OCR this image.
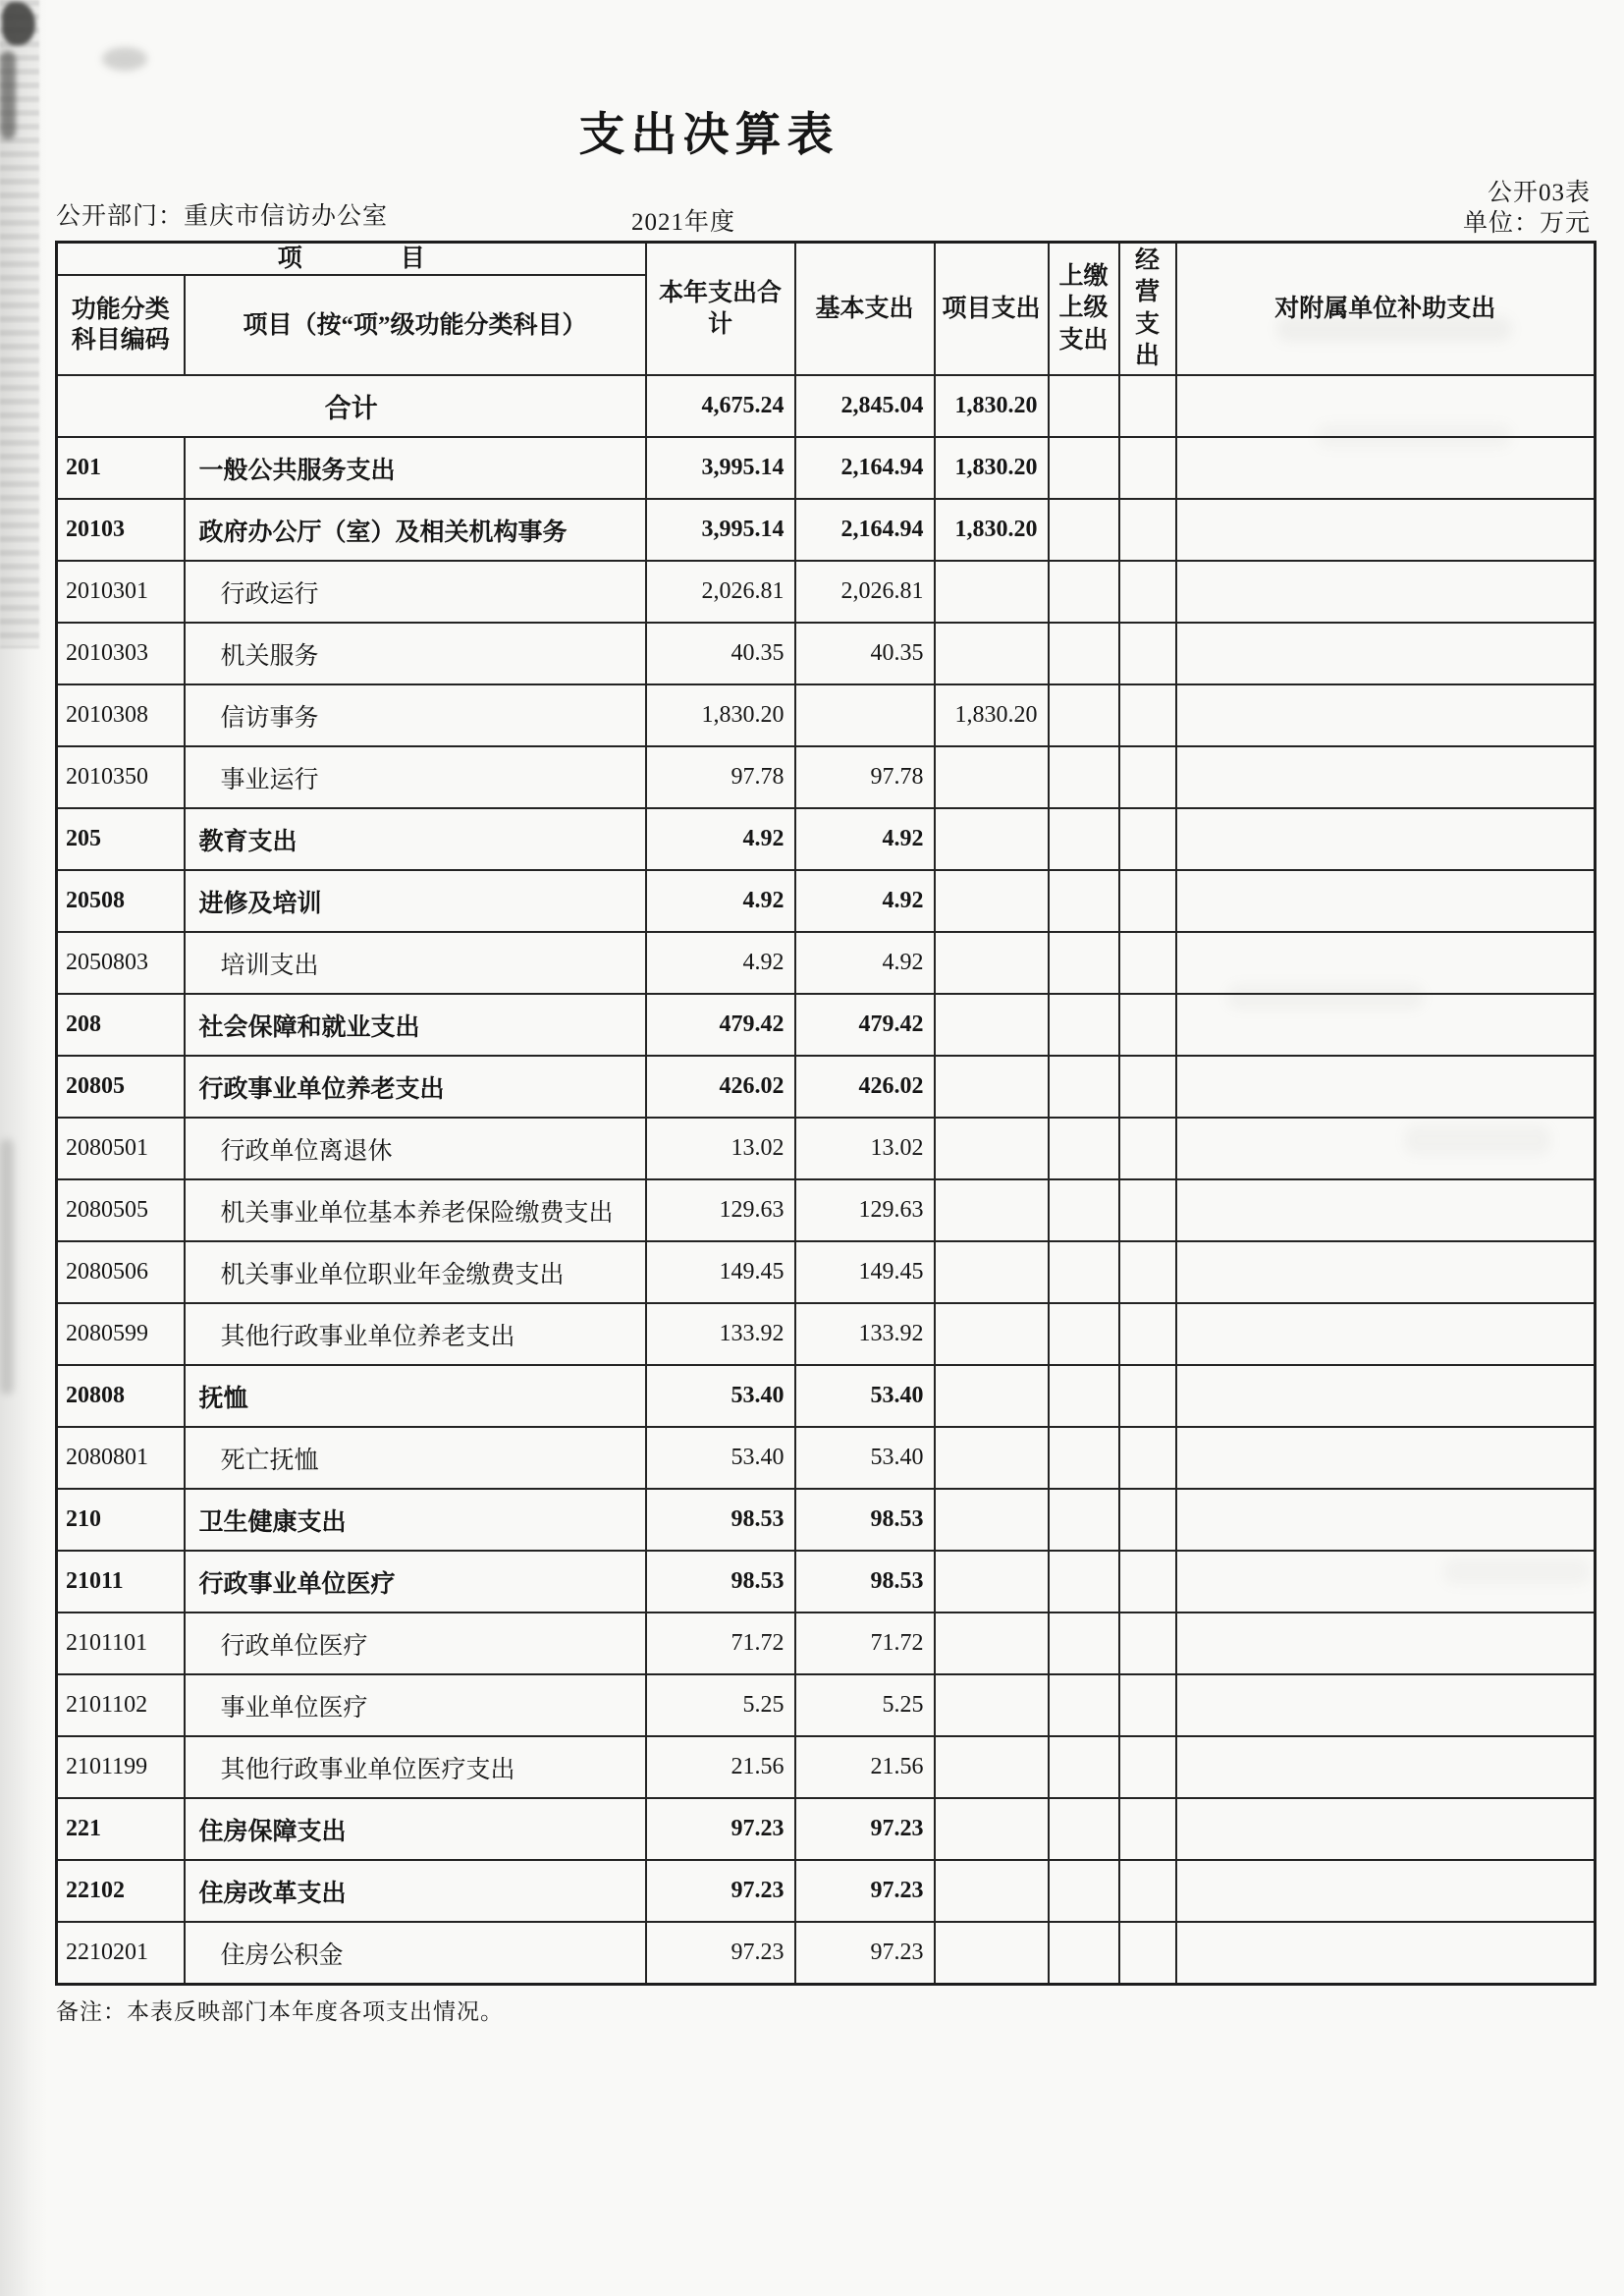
支出决算表
公开部门：重庆市信访办公室	2021年度
公开03表
单位：万元
项　　　　目		本年支出合计	基本支出	项目支出	上缴上级支出	经营支出	对附属单位补助支出

功能分类科目编码	项目（按“项”级功能分类科目）						
合计		4,675.24	2,845.04	1,830.20			
201	一般公共服务支出	3,995.14	2,164.94	1,830.20			
20103	政府办公厅（室）及相关机构事务	3,995.14	2,164.94	1,830.20			
2010301	行政运行	2,026.81	2,026.81				
2010303	机关服务	40.35	40.35				
2010308	信访事务	1,830.20		1,830.20			
2010350	事业运行	97.78	97.78				
205	教育支出	4.92	4.92				
20508	进修及培训	4.92	4.92				
2050803	培训支出	4.92	4.92				
208	社会保障和就业支出	479.42	479.42				
20805	行政事业单位养老支出	426.02	426.02				
2080501	行政单位离退休	13.02	13.02				
2080505	机关事业单位基本养老保险缴费支出	129.63	129.63				
2080506	机关事业单位职业年金缴费支出	149.45	149.45				
2080599	其他行政事业单位养老支出	133.92	133.92				
20808	抚恤	53.40	53.40				
2080801	死亡抚恤	53.40	53.40				
210	卫生健康支出	98.53	98.53				
21011	行政事业单位医疗	98.53	98.53				
2101101	行政单位医疗	71.72	71.72				
2101102	事业单位医疗	5.25	5.25				
2101199	其他行政事业单位医疗支出	21.56	21.56				
221	住房保障支出	97.23	97.23				
22102	住房改革支出	97.23	97.23				
2210201	住房公积金	97.23	97.23				
备注：本表反映部门本年度各项支出情况。
